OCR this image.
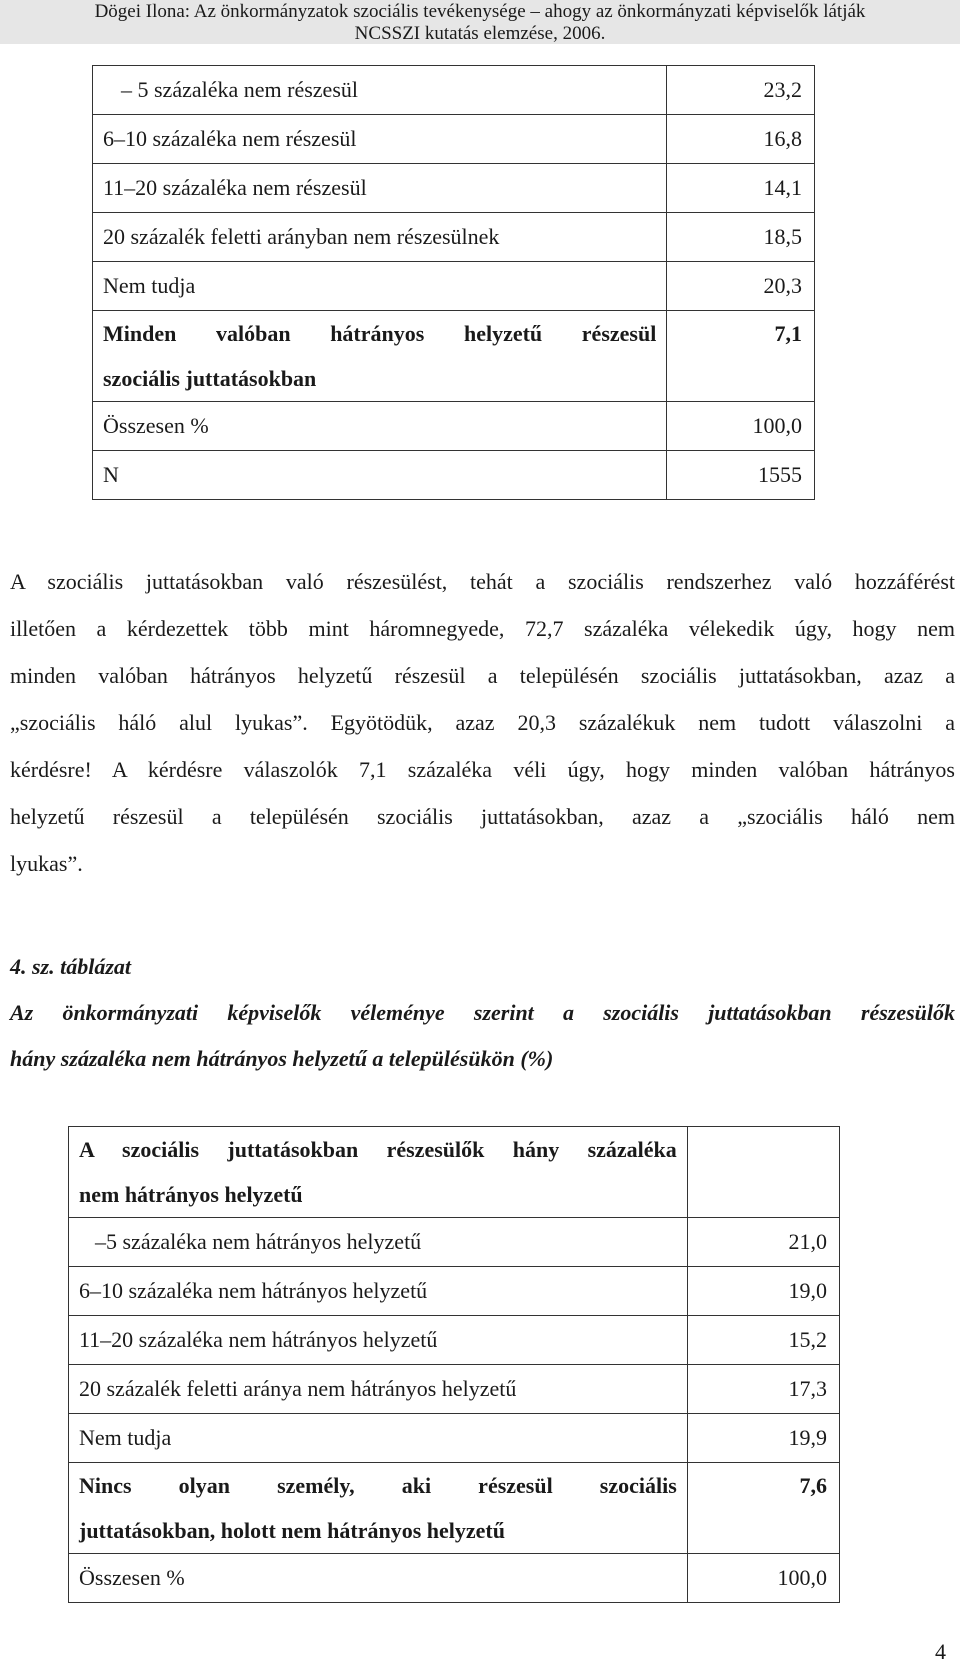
Dögei Ilona: Az önkormányzatok szociális tevékenysége – ahogy az önkormányzati képviselők látják
NCSSZI kutatás elemzése, 2006.
– 5 százaléka nem részesül	23,2

6–10 százaléka nem részesül	16,8

11–20 százaléka nem részesül	14,1

20 százalék feletti arányban nem részesülnek	18,5

Nem tudja	20,3

Minden valóban hátrányos helyzetű részesül
szociális juttatásokban	7,1

Összesen %	100,0

N	1555
A szociális juttatásokban való részesülést, tehát a szociális rendszerhez való hozzáférést
illetően a kérdezettek több mint háromnegyede, 72,7 százaléka vélekedik úgy, hogy nem
minden valóban hátrányos helyzetű részesül a településén szociális juttatásokban, azaz a
„szociális háló alul lyukas”. Egyötödük, azaz 20,3 százalékuk nem tudott válaszolni a
kérdésre! A kérdésre válaszolók 7,1 százaléka véli úgy, hogy minden valóban hátrányos
helyzetű részesül a településén szociális juttatásokban, azaz a „szociális háló nem
lyukas”.
4. sz. táblázat
Az önkormányzati képviselők véleménye szerint a szociális juttatásokban részesülők
hány százaléka nem hátrányos helyzetű a településükön (%)
A szociális juttatásokban részesülők hány százaléka
nem hátrányos helyzetű	

–5 százaléka nem hátrányos helyzetű	21,0

6–10 százaléka nem hátrányos helyzetű	19,0

11–20 százaléka nem hátrányos helyzetű	15,2

20 százalék feletti aránya nem hátrányos helyzetű	17,3

Nem tudja	19,9

Nincs olyan személy, aki részesül szociális
juttatásokban, holott nem hátrányos helyzetű	7,6

Összesen %	100,0
4
